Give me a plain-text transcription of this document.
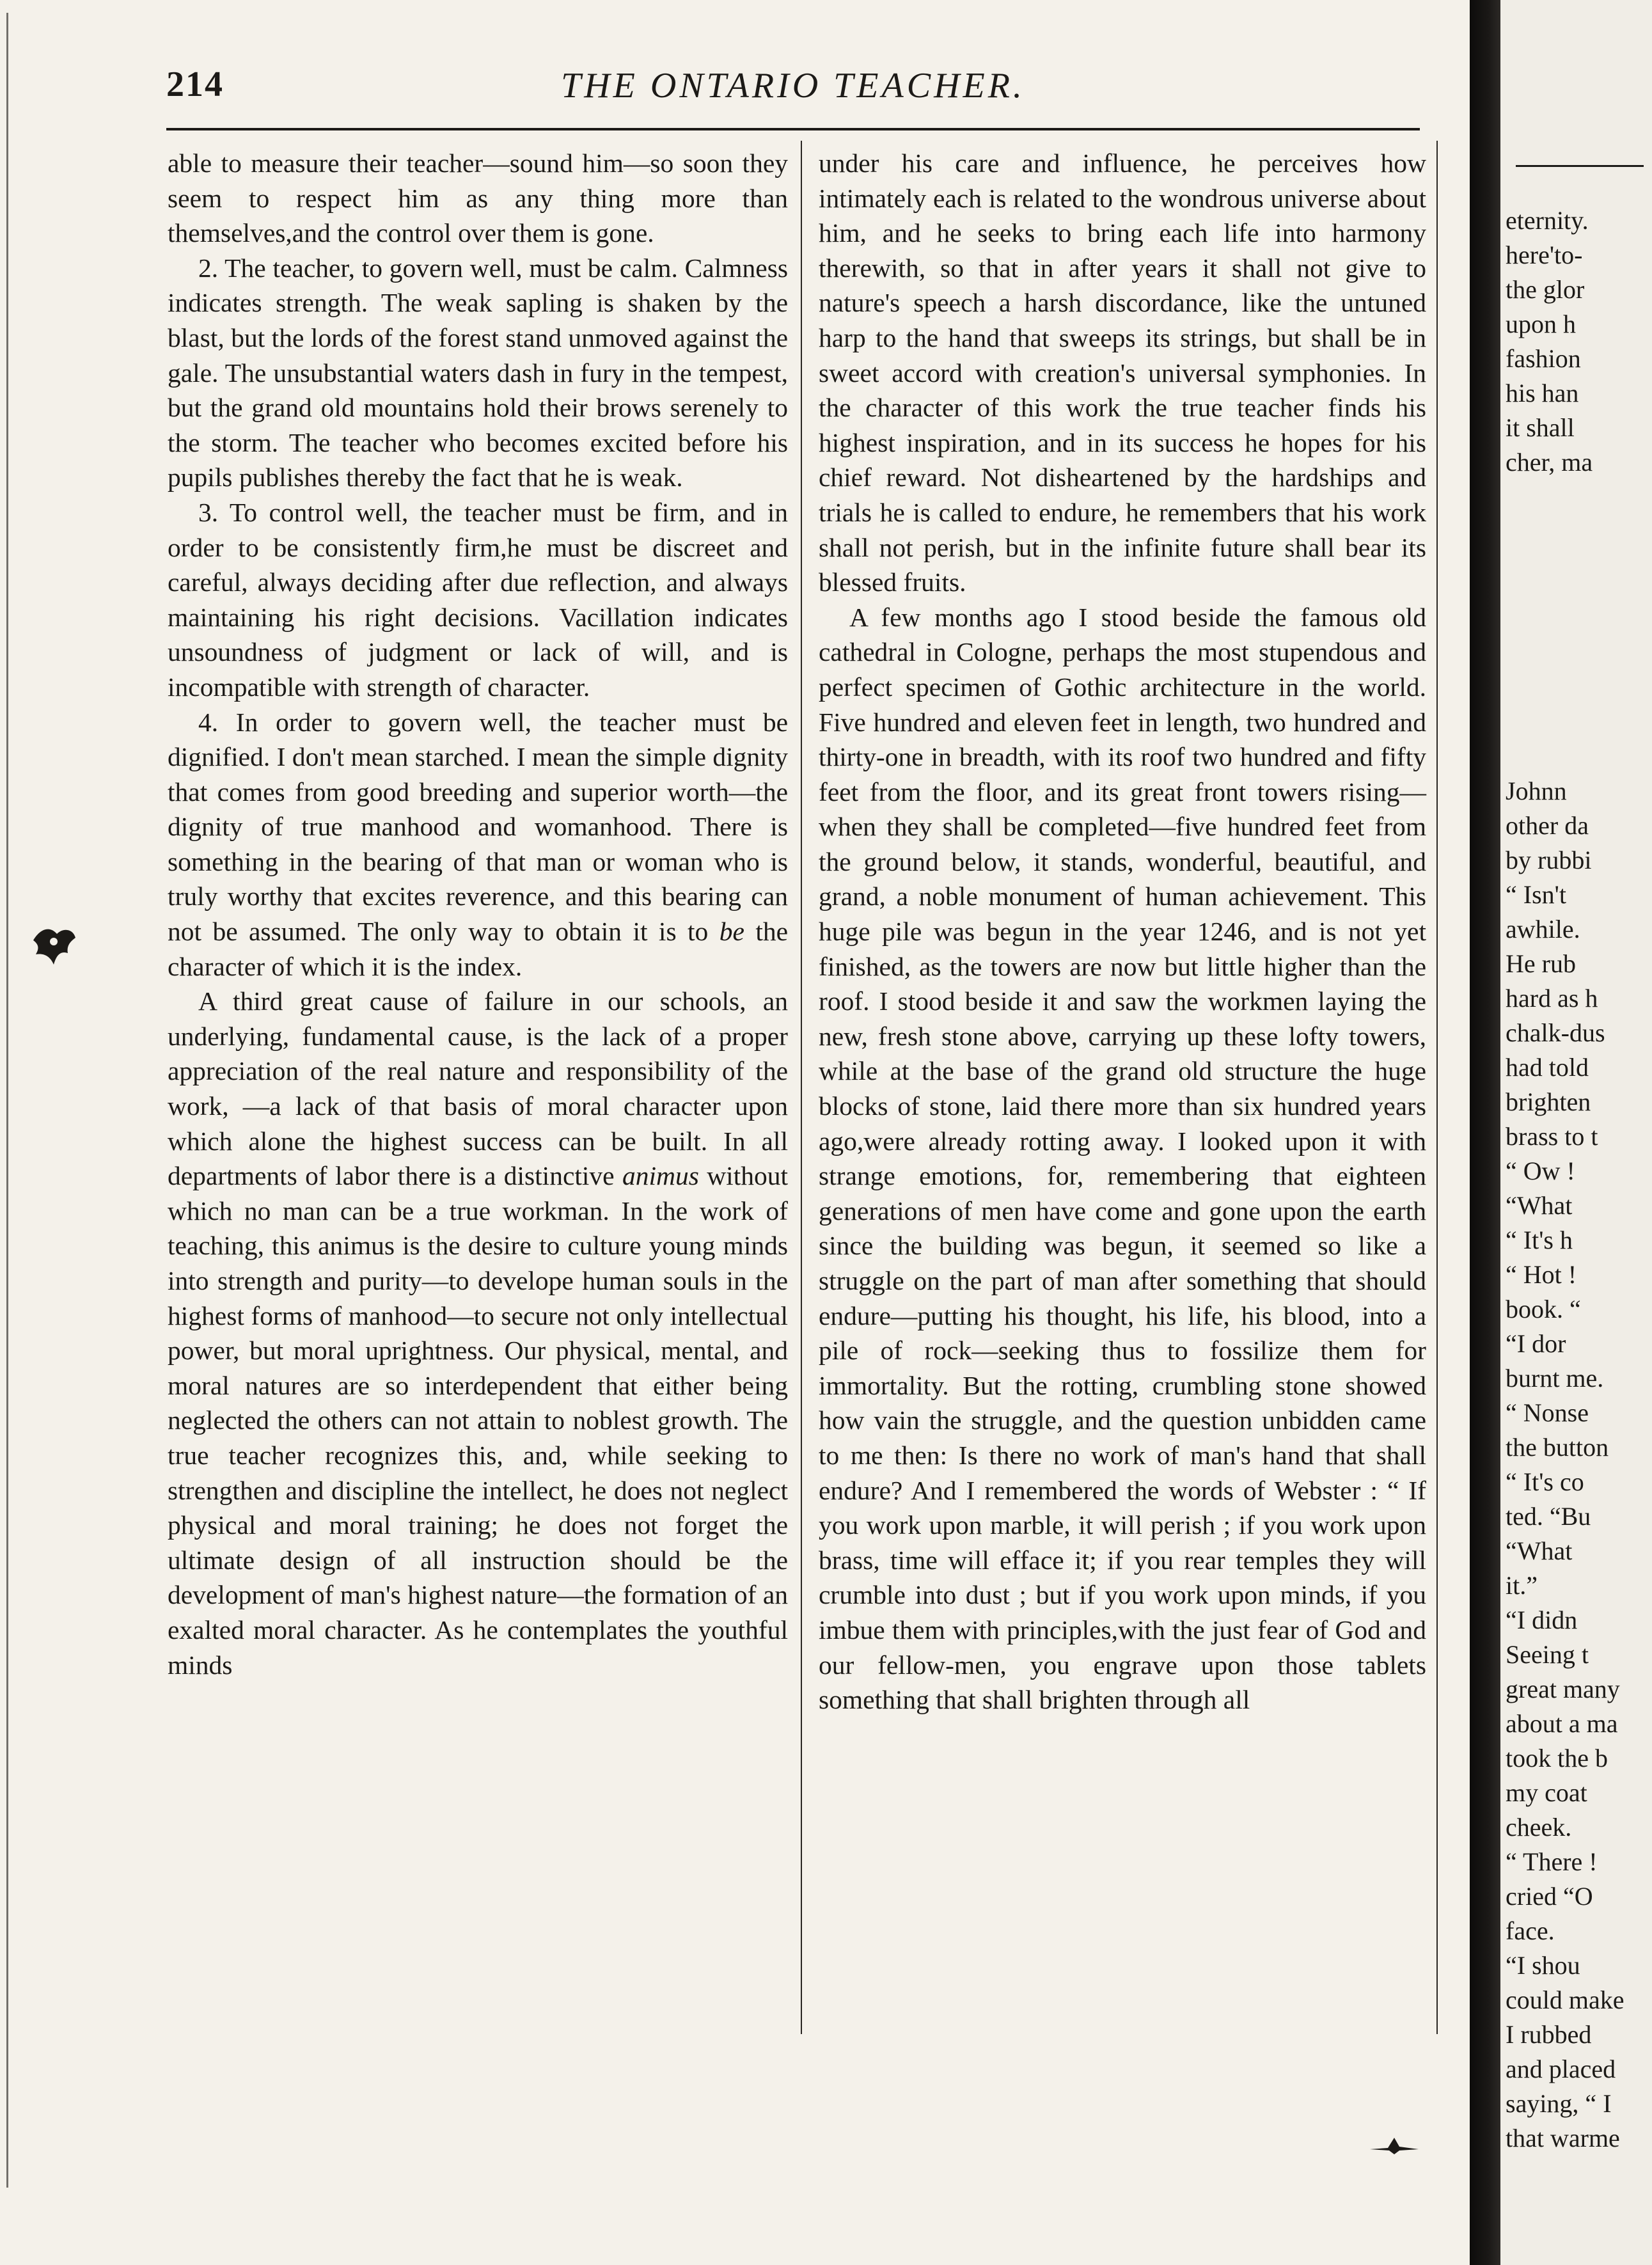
214	THE ONTARIO TEACHER.

able to measure their teacher—sound him—so soon they seem to respect him as any thing more than themselves,and the control over them is gone.

2. The teacher, to govern well, must be calm. Calmness indicates strength. The weak sapling is shaken by the blast, but the lords of the forest stand unmoved against the gale. The unsubstantial waters dash in fury in the tempest, but the grand old mountains hold their brows serenely to the storm. The teacher who becomes excited before his pupils publishes thereby the fact that he is weak.

3. To control well, the teacher must be firm, and in order to be consistently firm,he must be discreet and careful, always deciding after due reflection, and always maintaining his right decisions. Vacillation indicates unsoundness of judgment or lack of will, and is incompatible with strength of character.

4. In order to govern well, the teacher must be dignified. I don't mean starched. I mean the simple dignity that comes from good breeding and superior worth—the dignity of true manhood and womanhood. There is something in the bearing of that man or woman who is truly worthy that excites reverence, and this bearing can not be assumed. The only way to obtain it is to be the character of which it is the index.

A third great cause of failure in our schools, an underlying, fundamental cause, is the lack of a proper appreciation of the real nature and responsibility of the work, —a lack of that basis of moral character upon which alone the highest success can be built. In all departments of labor there is a distinctive animus without which no man can be a true workman. In the work of teaching, this animus is the desire to culture young minds into strength and purity—to develope human souls in the highest forms of manhood—to secure not only intellectual power, but moral uprightness. Our physical, mental, and moral natures are so interdependent that either being neglected the others can not attain to noblest growth. The true teacher recognizes this, and, while seeking to strengthen and discipline the intellect, he does not neglect physical and moral training; he does not forget the ultimate design of all instruction should be the development of man's highest nature—the formation of an exalted moral character. As he contemplates the youthful minds

under his care and influence, he perceives how intimately each is related to the wondrous universe about him, and he seeks to bring each life into harmony therewith, so that in after years it shall not give to nature's speech a harsh discordance, like the untuned harp to the hand that sweeps its strings, but shall be in sweet accord with creation's universal symphonies. In the character of this work the true teacher finds his highest inspiration, and in its success he hopes for his chief reward. Not disheartened by the hardships and trials he is called to endure, he remembers that his work shall not perish, but in the infinite future shall bear its blessed fruits.

A few months ago I stood beside the famous old cathedral in Cologne, perhaps the most stupendous and perfect specimen of Gothic architecture in the world. Five hundred and eleven feet in length, two hundred and thirty-one in breadth, with its roof two hundred and fifty feet from the floor, and its great front towers rising—when they shall be completed—five hundred feet from the ground below, it stands, wonderful, beautiful, and grand, a noble monument of human achievement. This huge pile was begun in the year 1246, and is not yet finished, as the towers are now but little higher than the roof. I stood beside it and saw the workmen laying the new, fresh stone above, carrying up these lofty towers, while at the base of the grand old structure the huge blocks of stone, laid there more than six hundred years ago,were already rotting away. I looked upon it with strange emotions, for, remembering that eighteen generations of men have come and gone upon the earth since the building was begun, it seemed so like a struggle on the part of man after something that should endure—putting his thought, his life, his blood, into a pile of rock—seeking thus to fossilize them for immortality. But the rotting, crumbling stone showed how vain the struggle, and the question unbidden came to me then: Is there no work of man's hand that shall endure? And I remembered the words of Webster : “ If you work upon marble, it will perish ; if you work upon brass, time will efface it; if you rear temples they will crumble into dust ; but if you work upon minds, if you imbue them with principles,with the just fear of God and our fellow-men, you engrave upon those tablets something that shall brighten through all

eternity.
here'to-
the glor
upon h
fashion
his han
it shall
cher, ma
Johnn
other da
by rubbi
“ Isn't
awhile.
He rub
hard as h
chalk-dus
had told
brighten
brass to t
“ Ow !
“What
“ It's h
“ Hot !
book. “
“I dor
burnt me.
“ Nonse
the button
“ It's co
ted. “Bu
“What
it.”
“I didn
Seeing t
great many
about a ma
took the b
my coat
cheek.
“ There !
cried “O
face.
“I shou
could make
I rubbed
and placed
saying, “ I
that warme
